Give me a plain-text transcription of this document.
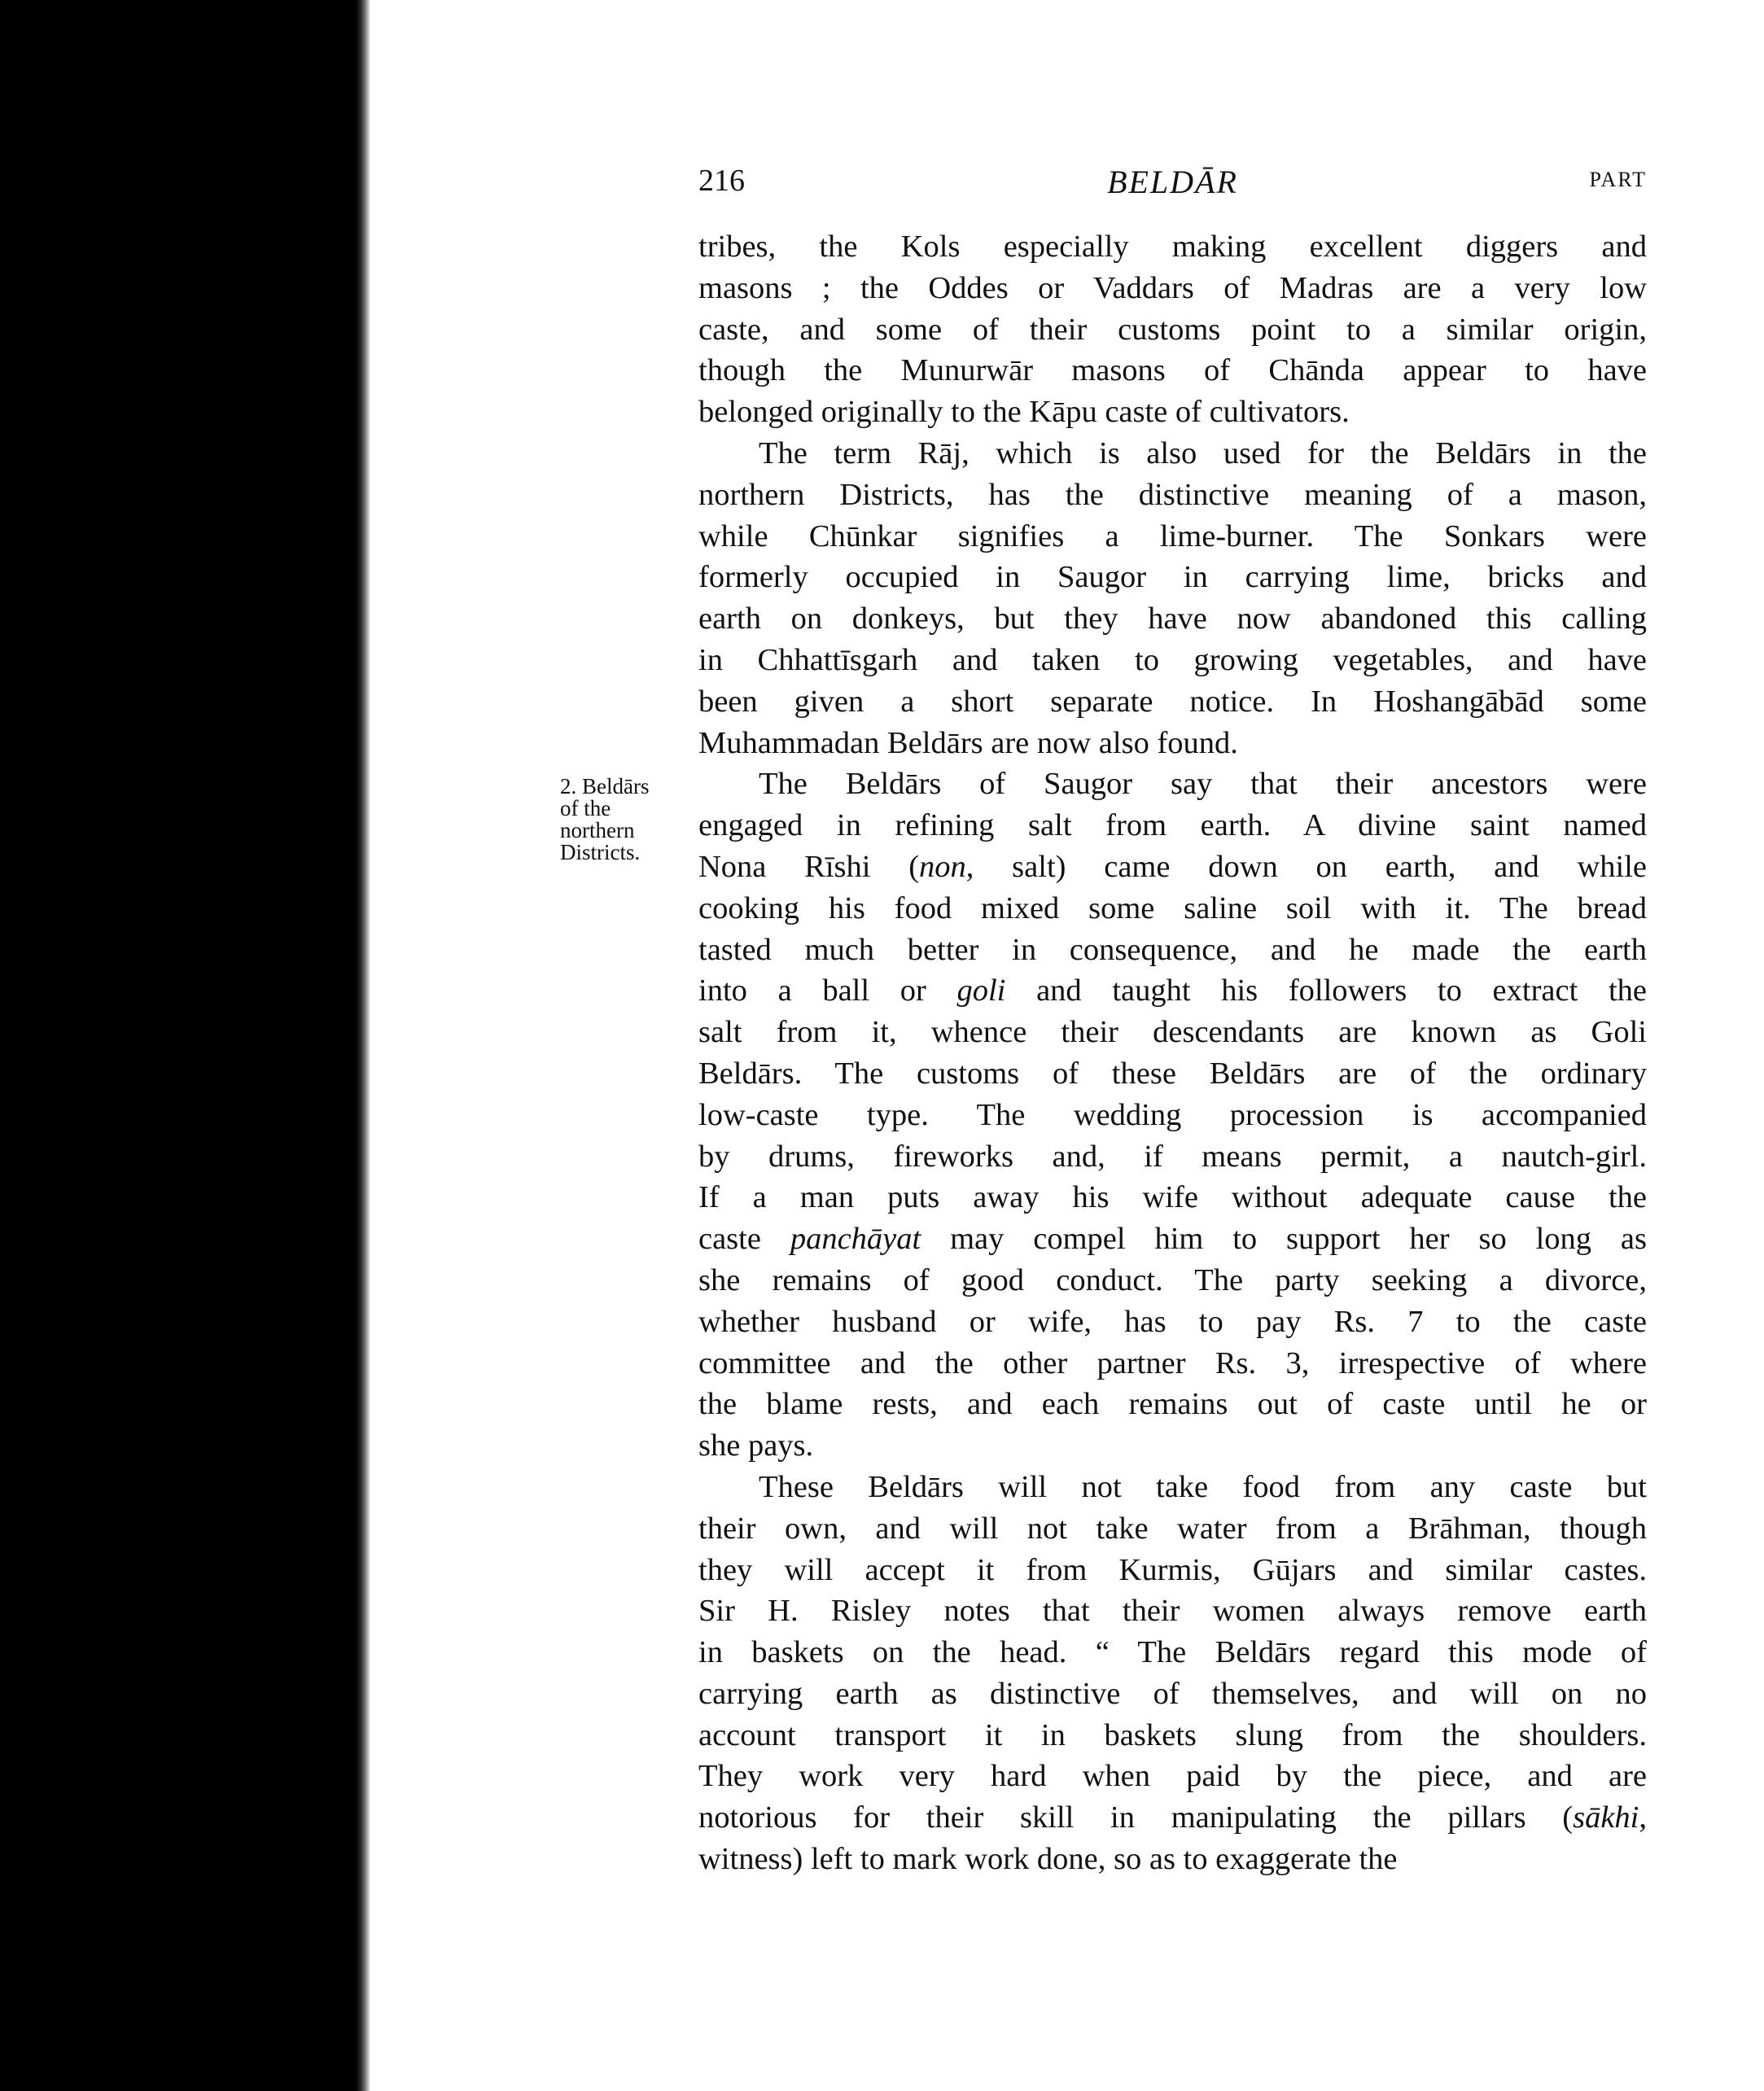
216	BELDĀR	PART
2. Beldārs
of the
northern
Districts.

tribes, the Kols especially making excellent diggers and
masons ; the Oddes or Vaddars of Madras are a very low
caste, and some of their customs point to a similar origin,
though the Munurwār masons of Chānda appear to have
belonged originally to the Kāpu caste of cultivators.

The term Rāj, which is also used for the Beldārs in the
northern Districts, has the distinctive meaning of a mason,
while Chūnkar signifies a lime-burner. The Sonkars were
formerly occupied in Saugor in carrying lime, bricks and
earth on donkeys, but they have now abandoned this calling
in Chhattīsgarh and taken to growing vegetables, and have
been given a short separate notice. In Hoshangābād some
Muhammadan Beldārs are now also found.

The Beldārs of Saugor say that their ancestors were
engaged in refining salt from earth. A divine saint named
Nona Rīshi (non, salt) came down on earth, and while
cooking his food mixed some saline soil with it. The bread
tasted much better in consequence, and he made the earth
into a ball or goli and taught his followers to extract the
salt from it, whence their descendants are known as Goli
Beldārs. The customs of these Beldārs are of the ordinary
low-caste type. The wedding procession is accompanied
by drums, fireworks and, if means permit, a nautch-girl.
If a man puts away his wife without adequate cause the
caste panchāyat may compel him to support her so long as
she remains of good conduct. The party seeking a divorce,
whether husband or wife, has to pay Rs. 7 to the caste
committee and the other partner Rs. 3, irrespective of where
the blame rests, and each remains out of caste until he or
she pays.

These Beldārs will not take food from any caste but
their own, and will not take water from a Brāhman, though
they will accept it from Kurmis, Gūjars and similar castes.
Sir H. Risley notes that their women always remove earth
in baskets on the head. “ The Beldārs regard this mode of
carrying earth as distinctive of themselves, and will on no
account transport it in baskets slung from the shoulders.
They work very hard when paid by the piece, and are
notorious for their skill in manipulating the pillars (sākhi,
witness) left to mark work done, so as to exaggerate the
